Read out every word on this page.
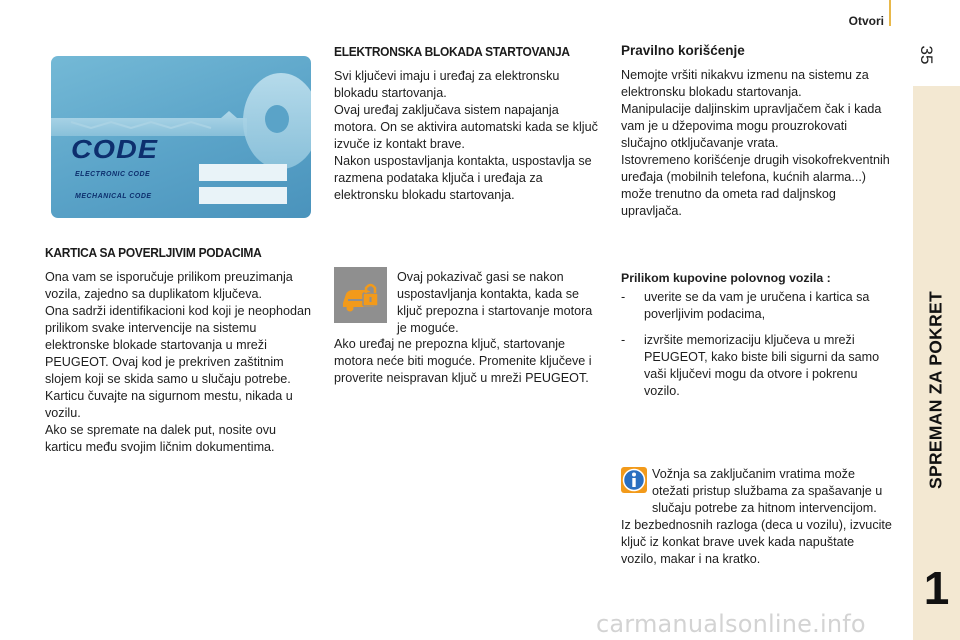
Otvori
35
SPREMAN ZA POKRET
1
CODE
ELECTRONIC CODE
MECHANICAL CODE
KARTICA SA POVERLJIVIM PODACIMA

Ona vam se isporučuje prilikom preuzimanja vozila, zajedno sa duplikatom ključeva.

Ona sadrži identifikacioni kod koji je neophodan prilikom svake intervencije na sistemu elektronske blokade startovanja u mreži PEUGEOT. Ovaj kod je prekriven zaštitnim slojem koji se skida samo u slučaju potrebe.

Karticu čuvajte na sigurnom mestu, nikada u vozilu.

Ako se spremate na dalek put, nosite ovu karticu među svojim ličnim dokumentima.

ELEKTRONSKA BLOKADA STARTOVANJA

Svi ključevi imaju i uređaj za elektronsku blokadu startovanja.

Ovaj uređaj zaključava sistem napajanja motora. On se aktivira automatski kada se ključ izvuče iz kontakt brave.

Nakon uspostavljanja kontakta, uspostavlja se razmena podataka ključa i uređaja za elektronsku blokadu startovanja.

Ovaj pokazivač gasi se nakon uspostavljanja kontakta, kada se ključ prepozna i startovanje motora je moguće.
Ako uređaj ne prepozna ključ, startovanje motora neće biti moguće. Promenite ključeve i proverite neispravan ključ u mreži PEUGEOT.
Pravilno korišćenje

Nemojte vršiti nikakvu izmenu na sistemu za elektronsku blokadu startovanja.

Manipulacije daljinskim upravljačem čak i kada vam je u džepovima mogu prouzrokovati slučajno otključavanje vrata.

Istovremeno korišćenje drugih visokofrekventnih uređaja (mobilnih telefona, kućnih alarma...) može trenutno da ometa rad daljnskog upravljača.

Prilikom kupovine polovnog vozila :
- uverite se da vam je uručena i kartica sa poverljivim podacima,
- izvršite memorizaciju ključeva u mreži PEUGEOT, kako biste bili sigurni da samo vaši ključevi mogu da otvore i pokrenu vozilo.
Vožnja sa zaključanim vratima može otežati pristup službama za spašavanje u slučaju potrebe za hitnom intervencijom.
Iz bezbednosnih razloga (deca u vozilu), izvucite ključ iz konkat brave uvek kada napuštate vozilo, makar i na kratko.
carmanualsonline.info
